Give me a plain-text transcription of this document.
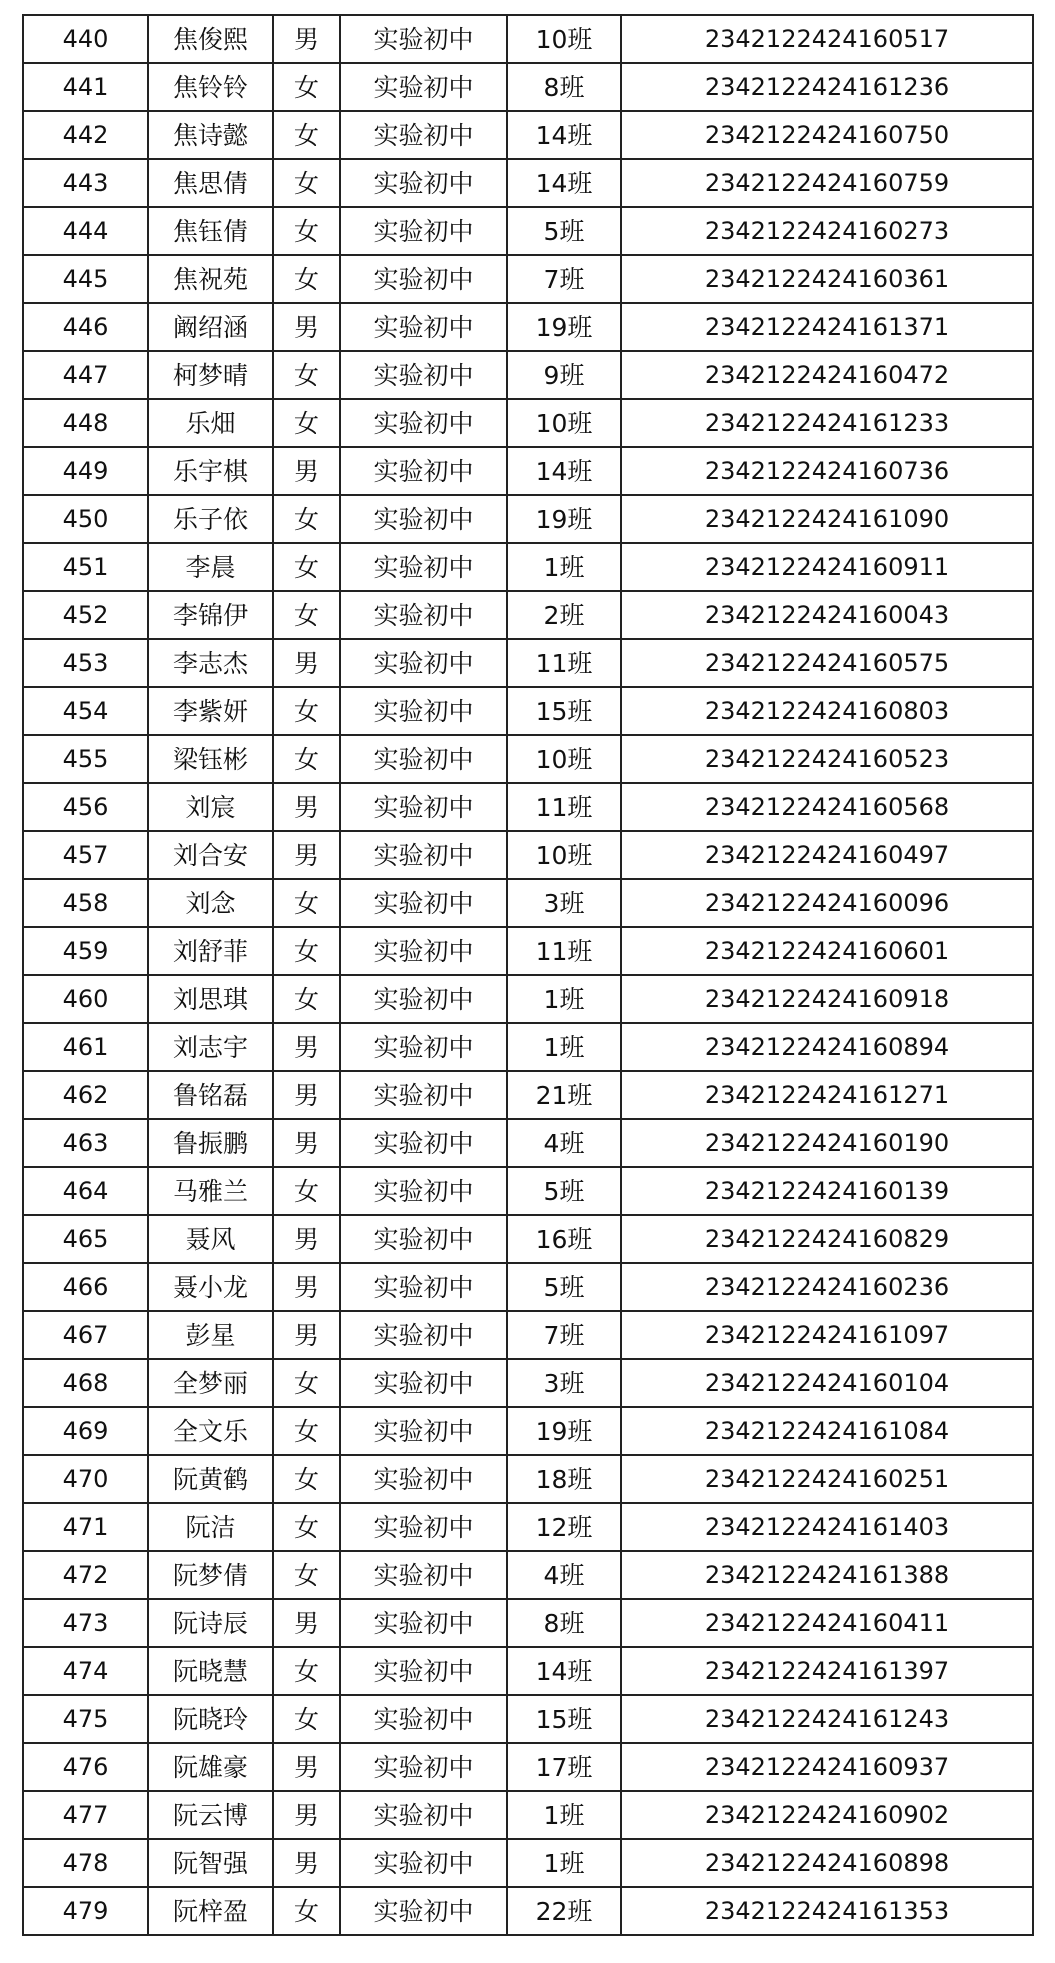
440	焦俊熙	男	实验初中	10班	2342122424160517
441	焦铃铃	女	实验初中	8班	2342122424161236
442	焦诗懿	女	实验初中	14班	2342122424160750
443	焦思倩	女	实验初中	14班	2342122424160759
444	焦钰倩	女	实验初中	5班	2342122424160273
445	焦祝苑	女	实验初中	7班	2342122424160361
446	阚绍涵	男	实验初中	19班	2342122424161371
447	柯梦晴	女	实验初中	9班	2342122424160472
448	乐畑	女	实验初中	10班	2342122424161233
449	乐宇棋	男	实验初中	14班	2342122424160736
450	乐子依	女	实验初中	19班	2342122424161090
451	李晨	女	实验初中	1班	2342122424160911
452	李锦伊	女	实验初中	2班	2342122424160043
453	李志杰	男	实验初中	11班	2342122424160575
454	李紫妍	女	实验初中	15班	2342122424160803
455	梁钰彬	女	实验初中	10班	2342122424160523
456	刘宸	男	实验初中	11班	2342122424160568
457	刘合安	男	实验初中	10班	2342122424160497
458	刘念	女	实验初中	3班	2342122424160096
459	刘舒菲	女	实验初中	11班	2342122424160601
460	刘思琪	女	实验初中	1班	2342122424160918
461	刘志宇	男	实验初中	1班	2342122424160894
462	鲁铭磊	男	实验初中	21班	2342122424161271
463	鲁振鹏	男	实验初中	4班	2342122424160190
464	马雅兰	女	实验初中	5班	2342122424160139
465	聂风	男	实验初中	16班	2342122424160829
466	聂小龙	男	实验初中	5班	2342122424160236
467	彭星	男	实验初中	7班	2342122424161097
468	全梦丽	女	实验初中	3班	2342122424160104
469	全文乐	女	实验初中	19班	2342122424161084
470	阮黄鹤	女	实验初中	18班	2342122424160251
471	阮洁	女	实验初中	12班	2342122424161403
472	阮梦倩	女	实验初中	4班	2342122424161388
473	阮诗辰	男	实验初中	8班	2342122424160411
474	阮晓慧	女	实验初中	14班	2342122424161397
475	阮晓玲	女	实验初中	15班	2342122424161243
476	阮雄豪	男	实验初中	17班	2342122424160937
477	阮云博	男	实验初中	1班	2342122424160902
478	阮智强	男	实验初中	1班	2342122424160898
479	阮梓盈	女	实验初中	22班	2342122424161353
